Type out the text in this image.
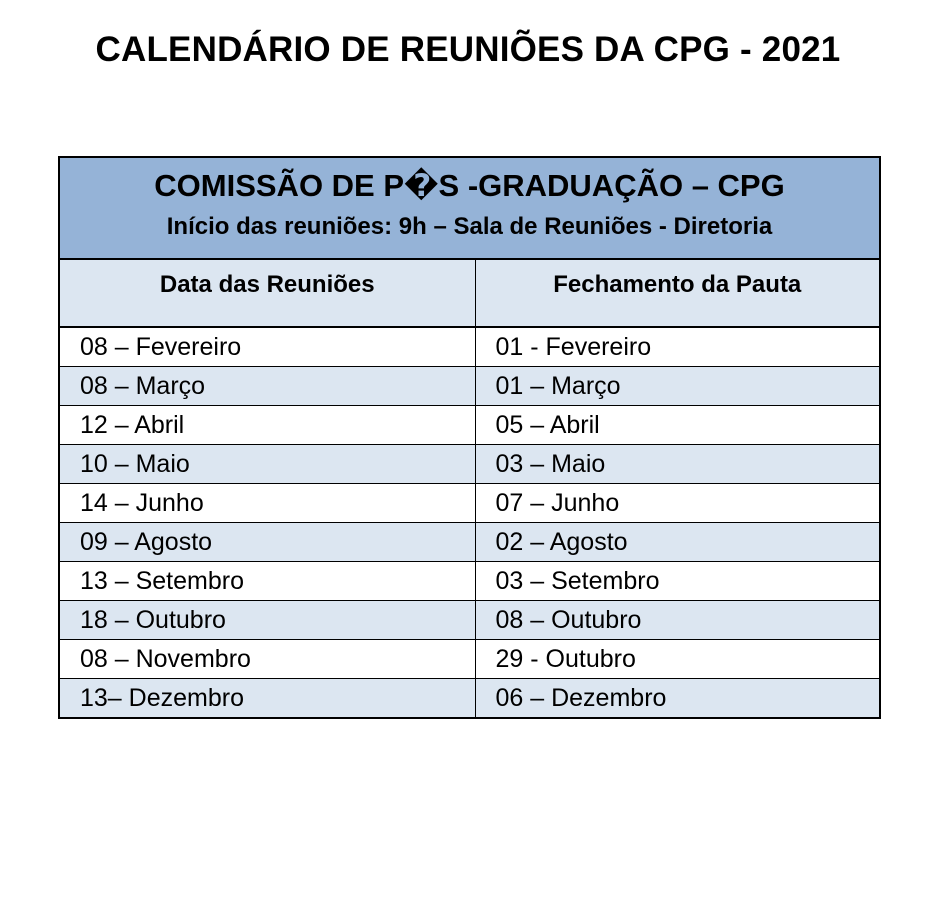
CALENDÁRIO DE REUNIÕES DA CPG - 2021
COMISSÃO DE P�S -GRADUAÇÃO – CPG
Início das reuniões: 9h – Sala de Reuniões - Diretoria	

Data das Reuniões	Fechamento da Pauta

08 – Fevereiro	01 - Fevereiro
08 – Março	01 – Março
12 – Abril	05 – Abril
10 – Maio	03 – Maio
14 – Junho	07 – Junho
09 – Agosto	02 – Agosto
13 – Setembro	03 – Setembro
18 – Outubro	08 – Outubro
08 – Novembro	29 - Outubro
13– Dezembro	06 – Dezembro
